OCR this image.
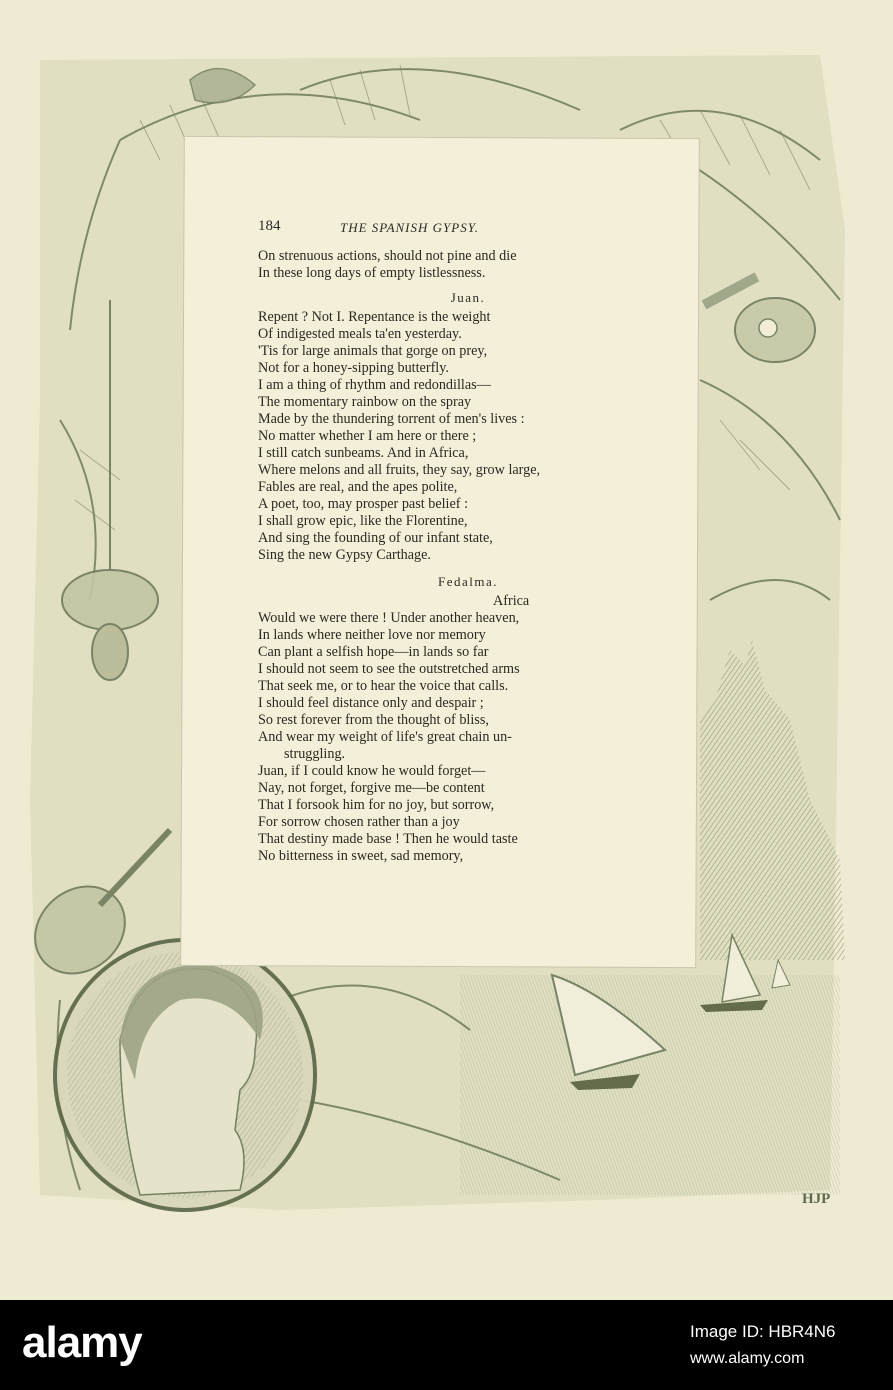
HJP
184	THE SPANISH GYPSY.
On strenuous actions, should not pine and die
In these long days of empty listlessness.
Juan.
Repent ? Not I. Repentance is the weight
Of indigested meals ta'en yesterday.
'Tis for large animals that gorge on prey,
Not for a honey-sipping butterfly.
I am a thing of rhythm and redondillas—
The momentary rainbow on the spray
Made by the thundering torrent of men's lives :
No matter whether I am here or there ;
I still catch sunbeams. And in Africa,
Where melons and all fruits, they say, grow large,
Fables are real, and the apes polite,
A poet, too, may prosper past belief :
I shall grow epic, like the Florentine,
And sing the founding of our infant state,
Sing the new Gypsy Carthage.
Fedalma.
Africa
Would we were there ! Under another heaven,
In lands where neither love nor memory
Can plant a selfish hope—in lands so far
I should not seem to see the outstretched arms
That seek me, or to hear the voice that calls.
I should feel distance only and despair ;
So rest forever from the thought of bliss,
And wear my weight of life's great chain un-
struggling.
Juan, if I could know he would forget—
Nay, not forget, forgive me—be content
That I forsook him for no joy, but sorrow,
For sorrow chosen rather than a joy
That destiny made base ! Then he would taste
No bitterness in sweet, sad memory,
alamy	Image ID: HBR4N6
www.alamy.com
